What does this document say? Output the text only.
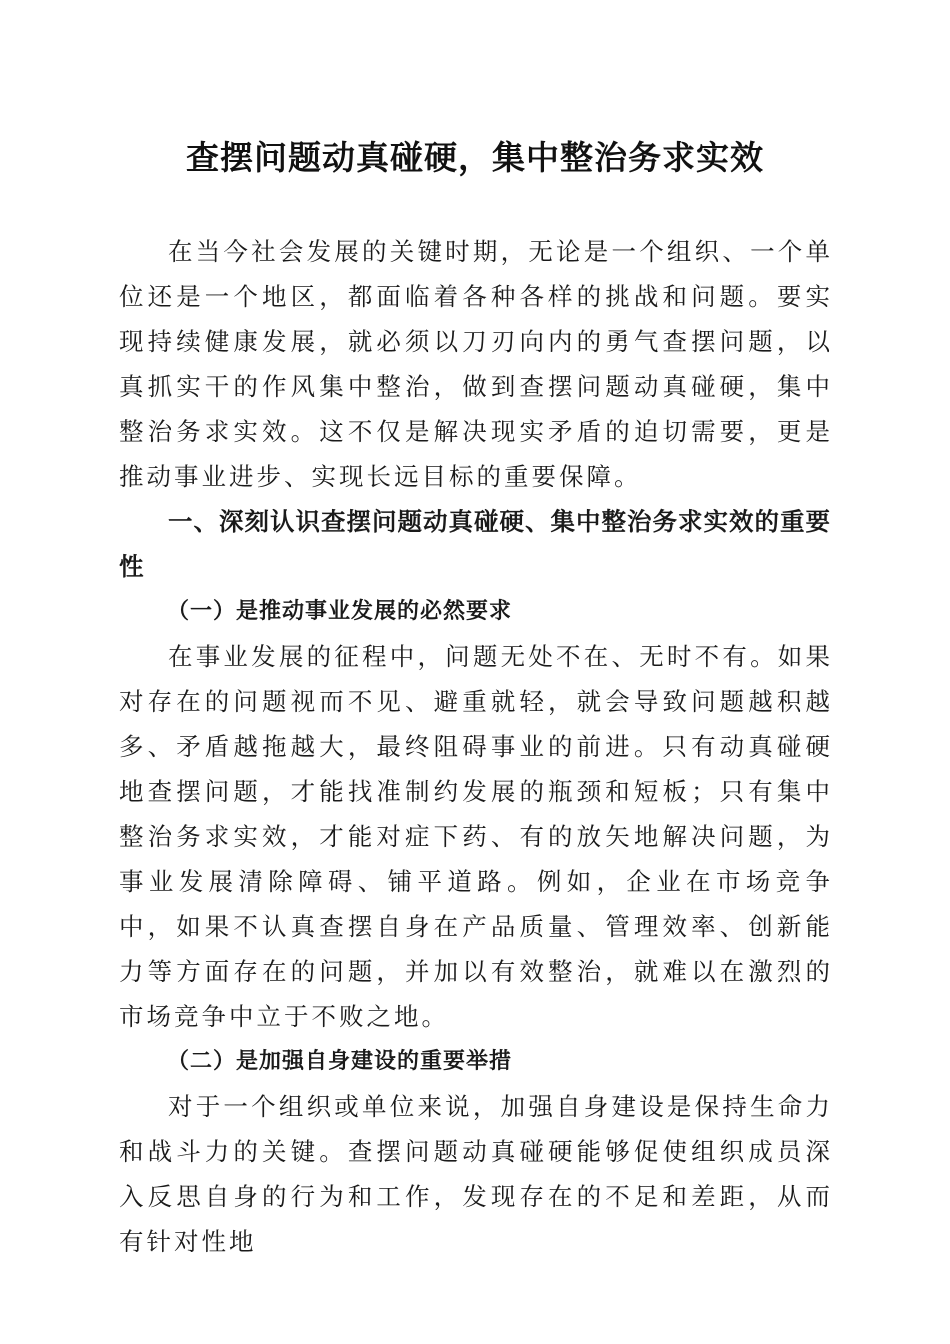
查摆问题动真碰硬，集中整治务求实效

在当今社会发展的关键时期，无论是一个组织、一个单位还是一个地区，都面临着各种各样的挑战和问题。要实现持续健康发展，就必须以刀刃向内的勇气查摆问题，以真抓实干的作风集中整治，做到查摆问题动真碰硬，集中整治务求实效。这不仅是解决现实矛盾的迫切需要，更是推动事业进步、实现长远目标的重要保障。

一、深刻认识查摆问题动真碰硬、集中整治务求实效的重要性

（一）是推动事业发展的必然要求

在事业发展的征程中，问题无处不在、无时不有。如果对存在的问题视而不见、避重就轻，就会导致问题越积越多、矛盾越拖越大，最终阻碍事业的前进。只有动真碰硬地查摆问题，才能找准制约发展的瓶颈和短板；只有集中整治务求实效，才能对症下药、有的放矢地解决问题，为事业发展清除障碍、铺平道路。例如，企业在市场竞争中，如果不认真查摆自身在产品质量、管理效率、创新能力等方面存在的问题，并加以有效整治，就难以在激烈的市场竞争中立于不败之地。

（二）是加强自身建设的重要举措

对于一个组织或单位来说，加强自身建设是保持生命力和战斗力的关键。查摆问题动真碰硬能够促使组织成员深入反思自身的行为和工作，发现存在的不足和差距，从而有针对性地
